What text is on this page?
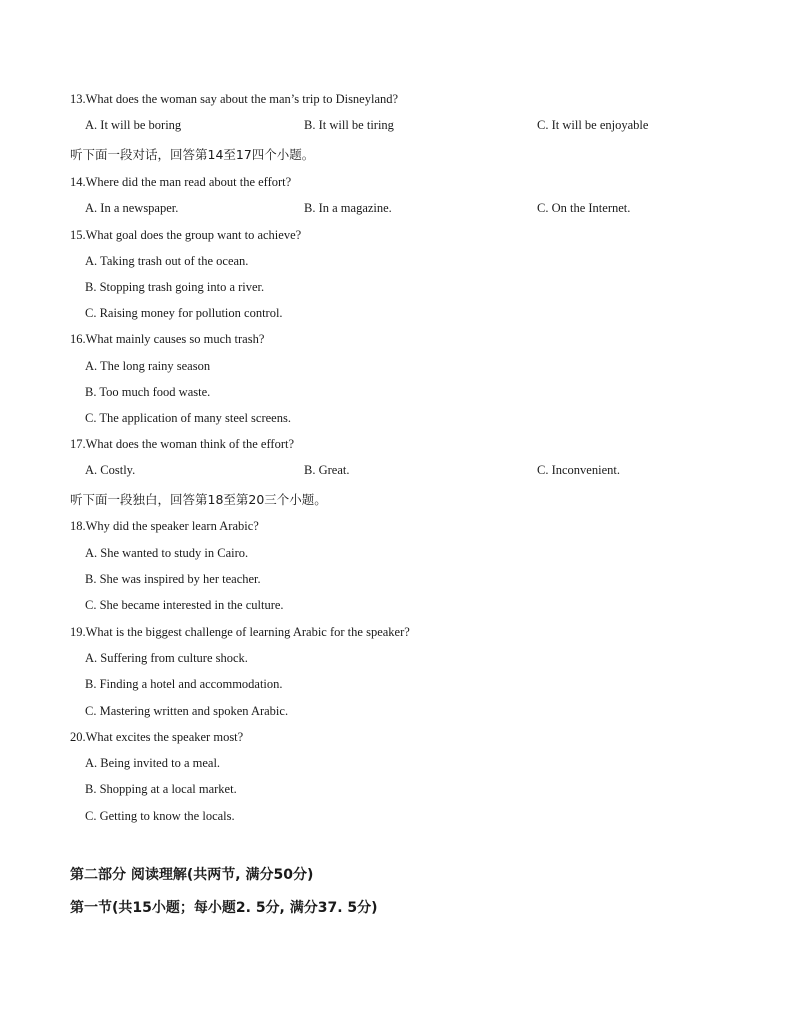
13.What does the woman say about the man’s trip to Disneyland?
A. It will be boring	B. It will be tiring	C. It will be enjoyable
听下面一段对话，回答第14至17四个小题。
14.Where did the man read about the effort?
A. In a newspaper.	B. In a magazine.	C. On the Internet.
15.What goal does the group want to achieve?
A. Taking trash out of the ocean.
B. Stopping trash going into a river.
C. Raising money for pollution control.
16.What mainly causes so much trash?
A. The long rainy season
B. Too much food waste.
C. The application of many steel screens.
17.What does the woman think of the effort?
A. Costly.	B. Great.	C. Inconvenient.
听下面一段独白，回答第18至第20三个小题。
18.Why did the speaker learn Arabic?
A. She wanted to study in Cairo.
B. She was inspired by her teacher.
C. She became interested in the culture.
19.What is the biggest challenge of learning Arabic for the speaker?
A. Suffering from culture shock.
B. Finding a hotel and accommodation.
C. Mastering written and spoken Arabic.
20.What excites the speaker most?
A. Being invited to a meal.
B. Shopping at a local market.
C. Getting to know the locals.
第二部分 阅读理解(共两节, 满分50分)
第一节(共15小题；每小题2. 5分, 满分37. 5分)
